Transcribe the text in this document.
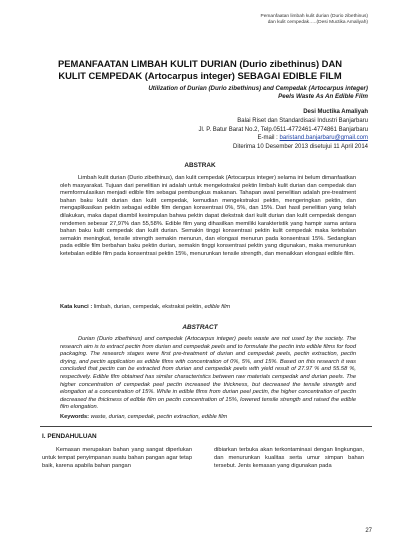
Pemanfaatan limbah kulit durian (Durio zibethinus)
dan kulit cempedak…..(Desi Muctika Amaliyah)
PEMANFAATAN LIMBAH KULIT DURIAN (Durio zibethinus) DAN
KULIT CEMPEDAK (Artocarpus integer) SEBAGAI EDIBLE FILM
Utilization of Durian (Durio zibethinus) and Cempedak (Artocarpus integer)
Peels Waste As An Edible Film
Desi Muctika Amaliyah
Balai Riset dan Standardisasi Industri Banjarbaru
Jl. P. Batur Barat No.2, Telp.0511-4772461-4774861 Banjarbaru
E-mail : baristand.banjarbaru@gmail.com
Diterima 10 Desember 2013 disetujui 11 April 2014
ABSTRAK

Limbah kulit durian (Durio zibethinus), dan kulit cempedak (Artocarpus integer) selama ini belum dimanfaatkan oleh masyarakat. Tujuan dari penelitian ini adalah untuk mengekstraksi pektin limbah kulit durian dan cempedak dan memformulasikan menjadi edible film sebagai pembungkus makanan. Tahapan awal penelitian adalah pre-treatment bahan baku kulit durian dan kulit cempedak, kemudian mengekstraksi pektin, mengeringkan pektin, dan mengaplikasikan pektin sebagai edible film dengan konsentrasi 0%, 5%, dan 15%. Dari hasil penelitian yang telah dilakukan, maka dapat diambil kesimpulan bahwa pektin dapat diekstrak dari kulit durian dan kulit cempedak dengan rendemen sebesar 27,97% dan 55,58%. Edible film yang dihasilkan memiliki karakteristik yang hampir sama antara bahan baku kulit cempedak dan kulit durian. Semakin tinggi konsentrasi pektin kulit cempedak maka ketebalan semakin meningkat, tensile strength semakin menurun, dan elongasi menurun pada konsentrasi 15%. Sedangkan pada edible film berbahan baku pektin durian, semakin tinggi konsentrasi pektin yang digunakan, maka menurunkan ketebalan edible film pada konsentrasi pektin 15%, menurunkan tensile strength, dan menaikkan elongasi edible film.

Kata kunci : limbah, durian, cempedak, ekstraksi pektin, edible film
ABSTRACT

Durian (Durio zibethinus) and cempedak (Artocarpus integer) peels waste are not used by the society. The research aim is to extract pectin from durian and cempedak peels and to formulate the pectin into edible films for food packaging. The research stages were first pre-treatment of durian and cempedak peels, pectin extraction, pectin drying, and pectin application as edible films with concentration of 0%, 5%, and 15%. Based on this research it was concluded that pectin can be extracted from durian and cempedak peels with yield result of 27.97 % and 55.58 %, respectively. Edible film obtained has similar characteristics between raw materials cempedak and durian peels. The higher concentration of cempedak peel pectin increased the thickness, but decreased the tensile strength and elongation at a concentration of 15%. While in edible films from durian peel pectin, the higher concentration of pectin decreased the thickness of edible film on pectin concentration of 15%, lowered tensile strength and raised the edible film elongation.

Keywords: waste, durian, cempedak, pectin extraction, edible film
I. PENDAHULUAN

Kemasan merupakan bahan yang sangat diperlukan untuk tempat penyimpanan suatu bahan pangan agar tetap baik, karena apabila bahan pangan

dibiarkan terbuka akan terkontaminasi dengan lingkungan, dan menurunkan kualitas serta umur simpan bahan tersebut. Jenis kemasan yang digunakan pada

27
